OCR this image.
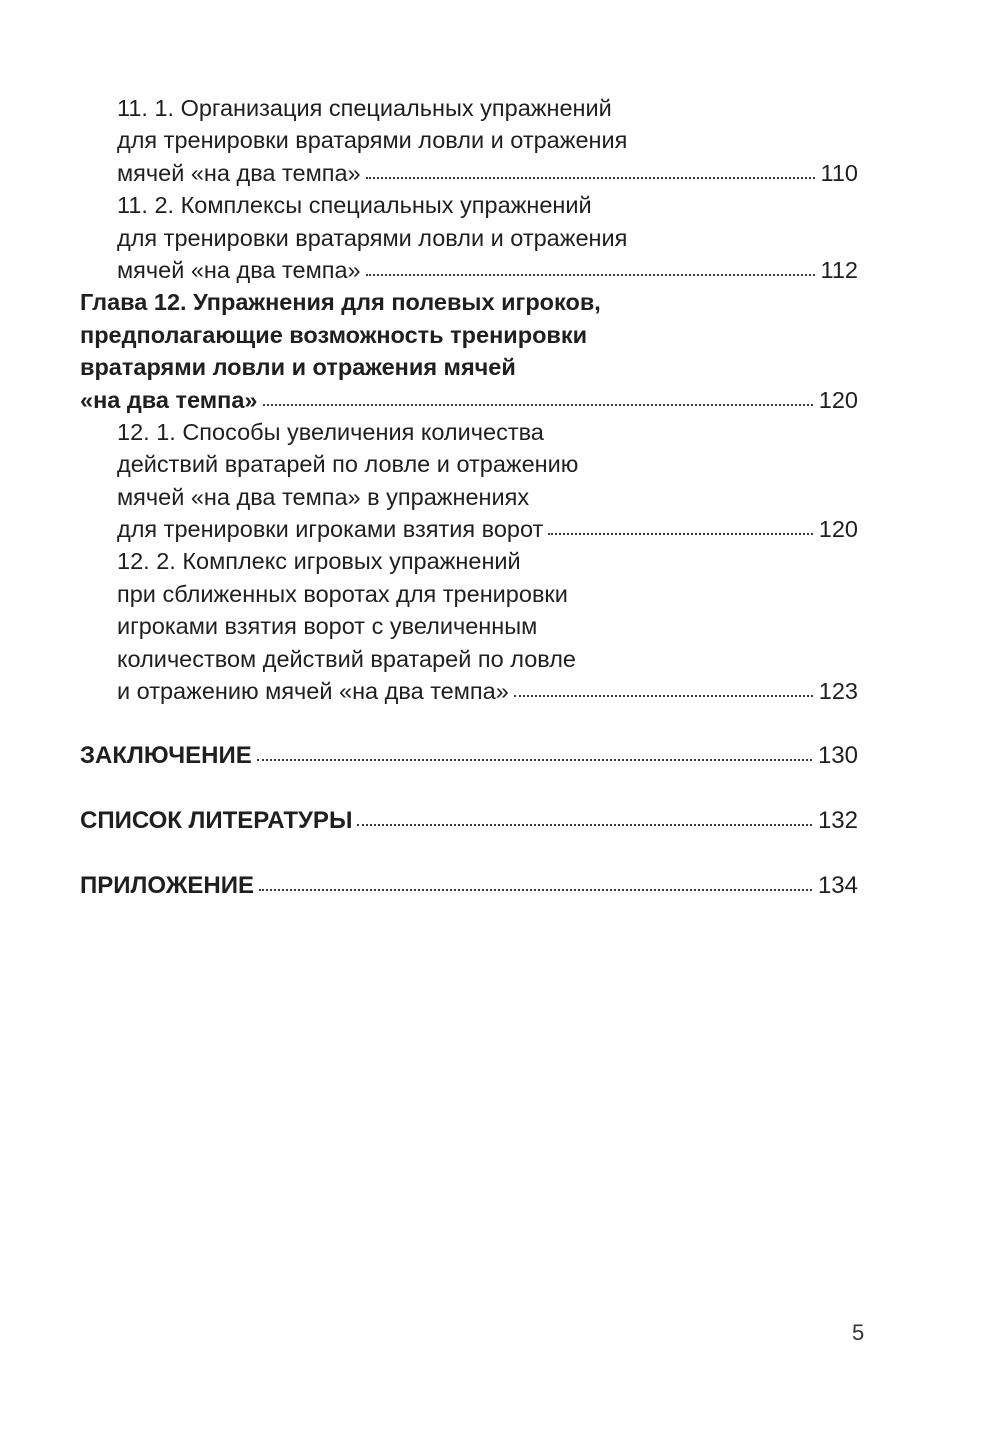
11. 1. Организация специальных упражнений
для тренировки вратарями ловли и отражения
мячей «на два темпа»	110
11. 2. Комплексы специальных упражнений
для тренировки вратарями ловли и отражения
мячей «на два темпа»	112
Глава 12. Упражнения для полевых игроков,
предполагающие возможность тренировки
вратарями ловли и отражения мячей
«на два темпа»	120
12. 1. Способы увеличения количества
действий вратарей по ловле и отражению
мячей «на два темпа» в упражнениях
для тренировки игроками взятия ворот	120
12. 2. Комплекс игровых упражнений
при сближенных воротах для тренировки
игроками взятия ворот с увеличенным
количеством действий вратарей по ловле
и отражению мячей «на два темпа»	123
ЗАКЛЮЧЕНИЕ	130
СПИСОК ЛИТЕРАТУРЫ	132
ПРИЛОЖЕНИЕ	134
5
